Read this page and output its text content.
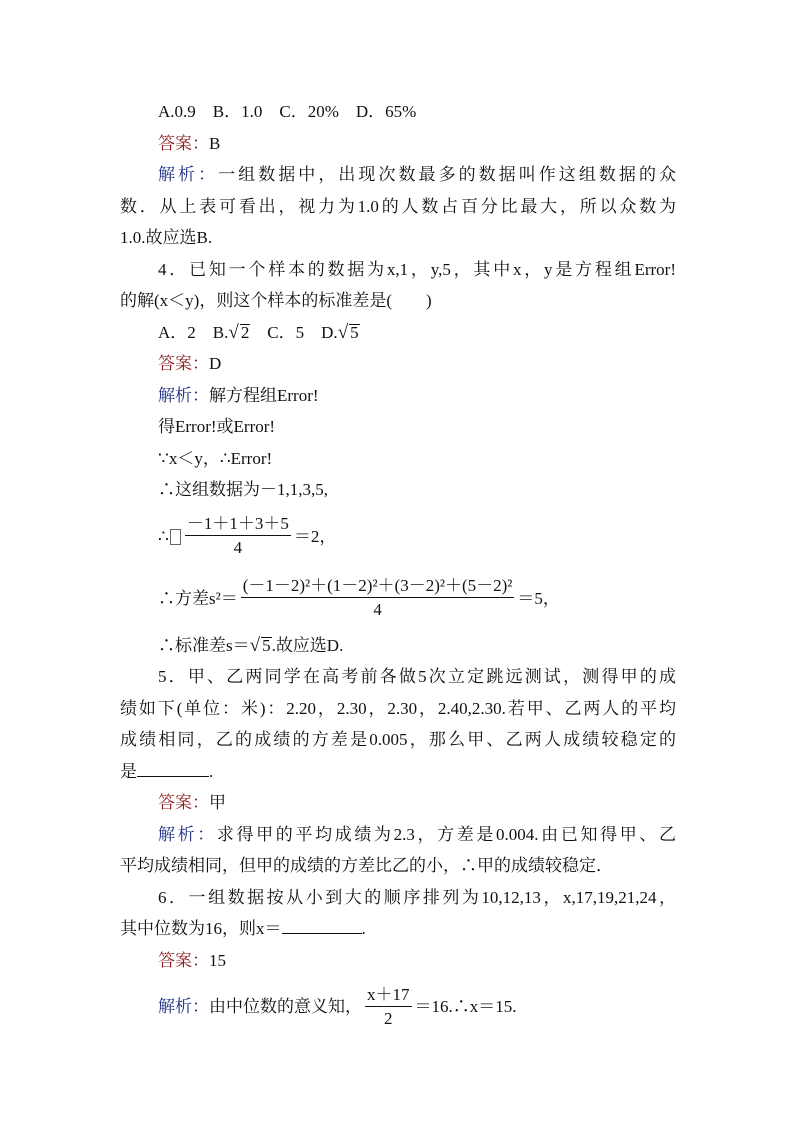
A.0.9　B．1.0　C．20%　D．65%
答案：B
解析：一组数据中，出现次数最多的数据叫作这组数据的众
数．从上表可看出，视力为1.0的人数占百分比最大，所以众数为
1.0.故应选B.
4．已知一个样本的数据为x,1，y,5，其中x，y是方程组Error!
的解(x＜y)，则这个样本的标准差是(　　)
A．2　B.√ 2　C．5　D.√ 5
答案：D
解析：解方程组Error!
得Error!或Error!
∵x＜y，∴Error!
∴这组数据为－1,1,3,5,
∴ $\frac{-1+1+3+5}{4} =2$，
∴方差$s^2= \frac{\text{(－1－2)²＋(1－2)²＋(3－2)²＋(5－2)²}}{4} =5$，
∴标准差s＝√ 5.故应选D.
5．甲、乙两同学在高考前各做5次立定跳远测试，测得甲的成
绩如下(单位：米)：2.20，2.30，2.30，2.40,2.30.若甲、乙两人的平均
成绩相同，乙的成绩的方差是0.005，那么甲、乙两人成绩较稳定的
是	.
答案：甲
解析：求得甲的平均成绩为2.3，方差是0.004.由已知得甲、乙
平均成绩相同，但甲的成绩的方差比乙的小，∴甲的成绩较稳定．
6．一组数据按从小到大的顺序排列为10,12,13，x,17,19,21,24，
其中位数为16，则x＝	.
答案：15
解析： 由中位数的意义知， $\frac{x+17}{2}$ ＝16.∴x＝15.
